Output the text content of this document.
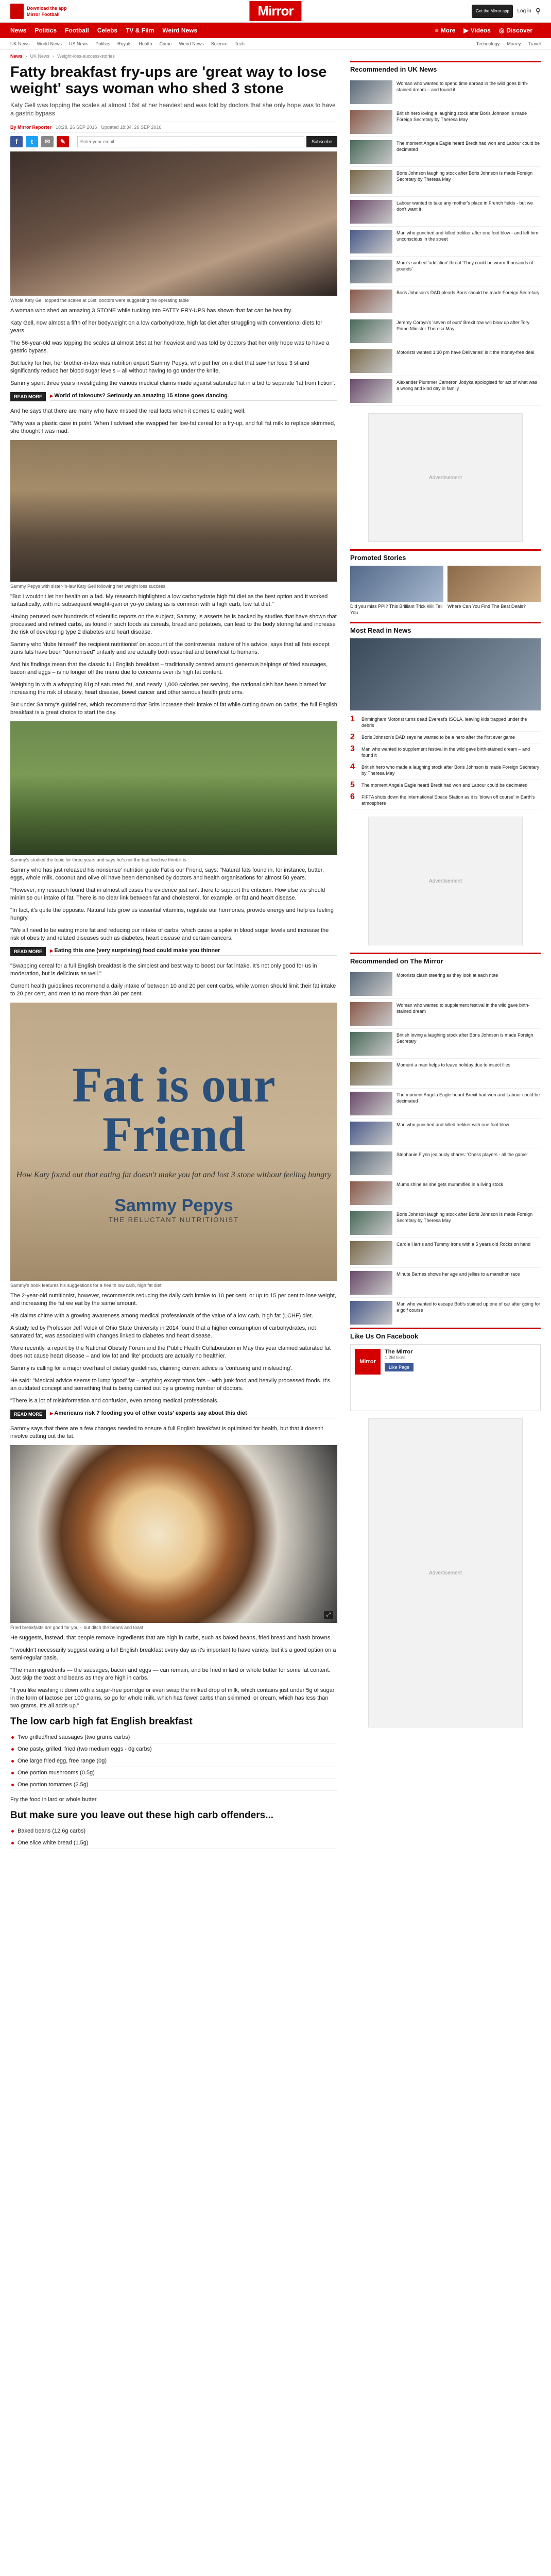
Download the app
Mirror Football	Mirror	Get the Mirror app	Log in ⚲
News Politics Football Celebs TV & Film Weird News	≡ More ▶ Videos ◎ Discover
UK News World News US News Politics Royals Health Crime Weird News Science Tech	Technology Money Travel
News › UK News › Weight-loss-success-stories
Fatty breakfast fry-ups are 'great way to lose weight' says woman who shed 3 stone

Katy Gell was topping the scales at almost 16st at her heaviest and was told by doctors that she only hope was to have a gastric bypass

By Mirror Reporter 18:28, 26 SEP 2016 Updated 18:34, 26 SEP 2016
f	t	✉	✎
Enter your email	Subscribe
Whole Katy Gell topped the scales at 16st, doctors were suggesting the operating table

A woman who shed an amazing 3 STONE while tucking into FATTY FRY-UPS has shown that fat can be healthy.

Katy Gell, now almost a fifth of her bodyweight on a low carbohydrate, high fat diet after struggling with conventional diets for years.

The 56-year-old was topping the scales at almost 16st at her heaviest and was told by doctors that her only hope was to have a gastric bypass.

But lucky for her, her brother-in-law was nutrition expert Sammy Pepys, who put her on a diet that saw her lose 3 st and significantly reduce her blood sugar levels – all without having to go under the knife.

Sammy spent three years investigating the various medical claims made against saturated fat in a bid to separate 'fat from fiction'.

READ MORE	▶ World of takeouts? Seriously an amazing 15 stone goes dancing

And he says that there are many who have missed the real facts when it comes to eating well.

"Why was a plastic case in point. When I advised she swapped her low-fat cereal for a fry-up, and full fat milk to replace skimmed, she thought I was mad.

Sammy Pepys with sister-in-law Katy Gell following her weight loss success

"But I wouldn't let her health on a fad. My research highlighted a low carbohydrate high fat diet as the best option and it worked fantastically, with no subsequent weight-gain or yo-yo dieting as is common with a high carb, low fat diet."

Having perused over hundreds of scientific reports on the subject, Sammy, is asserts he is backed by studies that have shown that processed and refined carbs, as found in such foods as cereals, bread and potatoes, can lead to the body storing fat and increase the risk of developing type 2 diabetes and heart disease.

Sammy who 'dubs himself' the recipient nutritionist' on account of the controversial nature of his advice, says that all fats except trans fats have been "demonised" unfairly and are actually both essential and beneficial to humans.

And his findings mean that the classic full English breakfast – traditionally centred around generous helpings of fried sausages, bacon and eggs – is no longer off the menu due to concerns over its high fat content.

Weighing in with a whopping 81g of saturated fat, and nearly 1,000 calories per serving, the national dish has been blamed for increasing the risk of obesity, heart disease, bowel cancer and other serious health problems.

But under Sammy's guidelines, which recommend that Brits increase their intake of fat while cutting down on carbs, the full English breakfast is a great choice to start the day.

Sammy's studied the topic for three years and says he's not the bad food we think it is

Sammy who has just released his nonsense' nutrition guide Fat is our Friend, says: "Natural fats found in, for instance, butter, eggs, whole milk, coconut and olive oil have been demonised by doctors and health organisations for almost 50 years.

"However, my research found that in almost all cases the evidence just isn't there to support the criticism. How else we should minimise our intake of fat. There is no clear link between fat and cholesterol, for example, or fat and heart disease.

"In fact, it's quite the opposite. Natural fats grow us essential vitamins, regulate our hormones, provide energy and help us feeling hungry.

"We all need to be eating more fat and reducing our intake of carbs, which cause a spike in blood sugar levels and increase the risk of obesity and related diseases such as diabetes, heart disease and certain cancers.

READ MORE	▶ Eating this one (very surprising) food could make you thinner

"Swapping cereal for a full English breakfast is the simplest and best way to boost our fat intake. It's not only good for us in moderation, but is delicious as well."

Current health guidelines recommend a daily intake of between 10 and 20 per cent carbs, while women should limit their fat intake to 20 per cent, and men to no more than 30 per cent.

Fat is our Friend
How Katy found out that eating fat doesn't make you fat and lost 3 stone without feeling hungry
Sammy Pepys
THE RELUCTANT NUTRITIONIST
Sammy's book features his suggestions for a health low carb, high fat diet

The 2-year-old nutritionist, however, recommends reducing the daily carb intake to 10 per cent, or up to 15 per cent to lose weight, and increasing the fat we eat by the same amount.

His claims chime with a growing awareness among medical professionals of the value of a low carb, high fat (LCHF) diet.

A study led by Professor Jeff Volek of Ohio State University in 2014 found that a higher consumption of carbohydrates, not saturated fat, was associated with changes linked to diabetes and heart disease.

More recently, a report by the National Obesity Forum and the Public Health Collaboration in May this year claimed saturated fat does not cause heart disease – and low fat and 'lite' products are actually no healthier.

Sammy is calling for a major overhaul of dietary guidelines, claiming current advice is 'confusing and misleading'.

He said: "Medical advice seems to lump 'good' fat – anything except trans fats – with junk food and heavily processed foods. It's an outdated concept and something that is being carried out by a growing number of doctors.

"There is a lot of misinformation and confusion, even among medical professionals.

READ MORE	▶ Americans risk 7 fooding you of other costs' experts say about this diet

Sammy says that there are a few changes needed to ensure a full English breakfast is optimised for health, but that it doesn't involve cutting out the fat.

⤢
Fried breakfasts are good for you – but ditch the beans and toast

He suggests, instead, that people remove ingredients that are high in carbs, such as baked beans, fried bread and hash browns.

"I wouldn't necessarily suggest eating a full English breakfast every day as it's important to have variety, but it's a good option on a semi-regular basis.

"The main ingredients — the sausages, bacon and eggs — can remain, and be fried in lard or whole butter for some fat content. Just skip the toast and beans as they are high in carbs.

"If you like washing it down with a sugar-free porridge or even swap the milked drop of milk, which contains just under 5g of sugar in the form of lactose per 100 grams, so go for whole milk, which has fewer carbs than skimmed, or cream, which has less than two grams. It's all adds up."

The low carb high fat English breakfast
Two grilled/fried sausages (two grams carbs)
One pasty, grilled, fried (two medium eggs - 0g carbs)
One large fried egg, free range (0g)
One portion mushrooms (0.5g)
One portion tomatoes (2.5g)

Fry the food in lard or whole butter.

But make sure you leave out these high carb offenders...
Baked beans (12.6g carbs)
One slice white bread (1.5g)
Recommended in UK News
Woman who wanted to spend time abroad in the wild goes birth-stained dream – and found it
British hero loving a laughing stock after Boris Johnson is made Foreign Secretary by Theresa May
The moment Angela Eagle heard Brexit had won and Labour could be decimated
Boris Johnson laughing stock after Boris Johnson is made Foreign Secretary by Theresa May
Labour wanted to take any mother's place in French fields - but we don't want it
Man who punched and killed trekker after one foot blow - and left him unconscious in the street
Mum's sunbed 'addiction' threat 'They could be worm-thousands of pounds'
Boris Johnson's DAD pleads Boris should be made Foreign Secretary
Jeremy Corbyn's 'seven of ours' Brexit row will blow up after Tory Prime Minister Theresa May
Motorists wanted 1:30 pm have Deliveries' is it the money-free deal
Alexander Plummer Cameron Jodyka apologised for act of what was a wrong and kind day in family
Advertisement
Promoted Stories
Did you miss PPI? This Brilliant Trick Will Tell You
Where Can You Find The Best Deals?
Most Read in News
1	Birmingham Motorist turns dead Everest's ISOLA, leaving kids trapped under the debris
2	Boris Johnson's DAD says he wanted to be a hero after the first ever game
3	Man who wanted to supplement festival in the wild gave birth-stained dream – and found it
4	British hero who made a laughing stock after Boris Johnson is made Foreign Secretary by Theresa May
5	The moment Angela Eagle heard Brexit had won and Labour could be decimated
6	FIFTA shuts down the International Space Station as it is 'blown off course' in Earth's atmosphere
Advertisement
Recommended on The Mirror
Motorists clash steering as they look at each note
Woman who wanted to supplement festival in the wild gave birth-stained dream
British loving a laughing stock after Boris Johnson is made Foreign Secretary
Moment a man helps to leave holiday due to insect flies
The moment Angela Eagle heard Brexit had won and Labour could be decimated
Man who punched and killed trekker with one foot blow
Stephanie Flynn jealously shares: 'Chess players - all the game'
Mums shine as she gets mummified in a living stock
Boris Johnson laughing stock after Boris Johnson is made Foreign Secretary by Theresa May
Carole Harris and Tummy Irons with a 5 years old Rocks on hand
Minute Barnes shows her age and jellies to a marathon race
Man who wanted to escape Bob's stained up one of car after going for a golf course
Like Us On Facebook
Mirror
The Mirror
1.2M likes
Like Page
Advertisement
